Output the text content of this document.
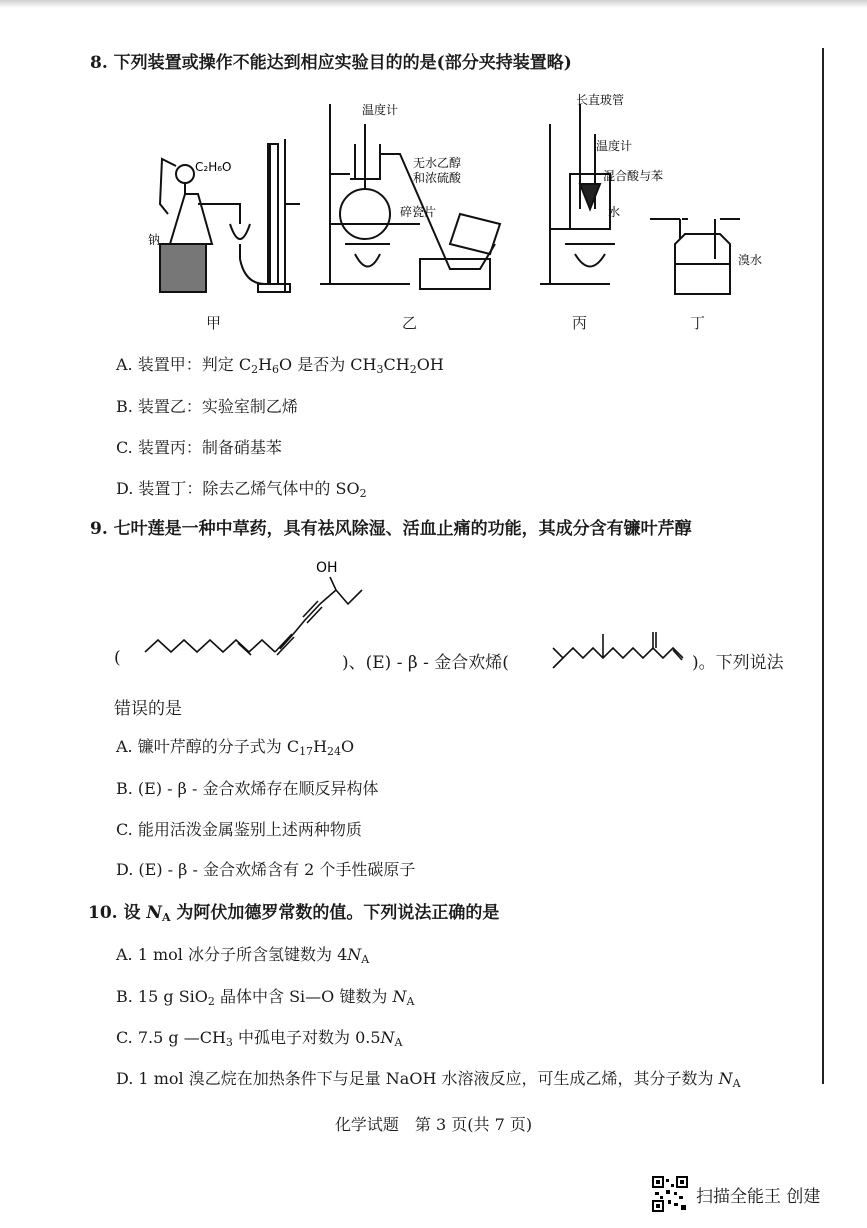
8. 下列装置或操作不能达到相应实验目的的是(部分夹持装置略)
C₂H₆O
钠
温度计
无水乙醇
和浓硫酸
碎瓷片
长直玻管
温度计
混合酸与苯
水
溴水
甲	乙	丙	丁
A. 装置甲：判定 $C_2H_6O$ 是否为 $CH_3CH_2OH$
B. 装置乙：实验室制乙烯
C. 装置丙：制备硝基苯
D. 装置丁：除去乙烯气体中的 $SO_2$
9. 七叶莲是一种中草药，具有祛风除湿、活血止痛的功能，其成分含有镰叶芹醇
OH
(	)、(E) - β - 金合欢烯(	)。下列说法
错误的是
A. 镰叶芹醇的分子式为 $C_{17}H_{24}O$
B. (E) - β - 金合欢烯存在顺反异构体
C. 能用活泼金属鉴别上述两种物质
D. (E) - β - 金合欢烯含有 2 个手性碳原子
10. 设 $N_A$ 为阿伏加德罗常数的值。下列说法正确的是
A. 1 mol 冰分子所含氢键数为 $4N_A$
B. 15 g SiO$_2$ 晶体中含 Si—O 键数为 $N_A$
C. 7.5 g $—CH_3$ 中孤电子对数为 $0.5N_A$
D. 1 mol 溴乙烷在加热条件下与足量 NaOH 水溶液反应，可生成乙烯，其分子数为 $N_A$
化学试题　第 3 页(共 7 页)
扫描全能王 创建
